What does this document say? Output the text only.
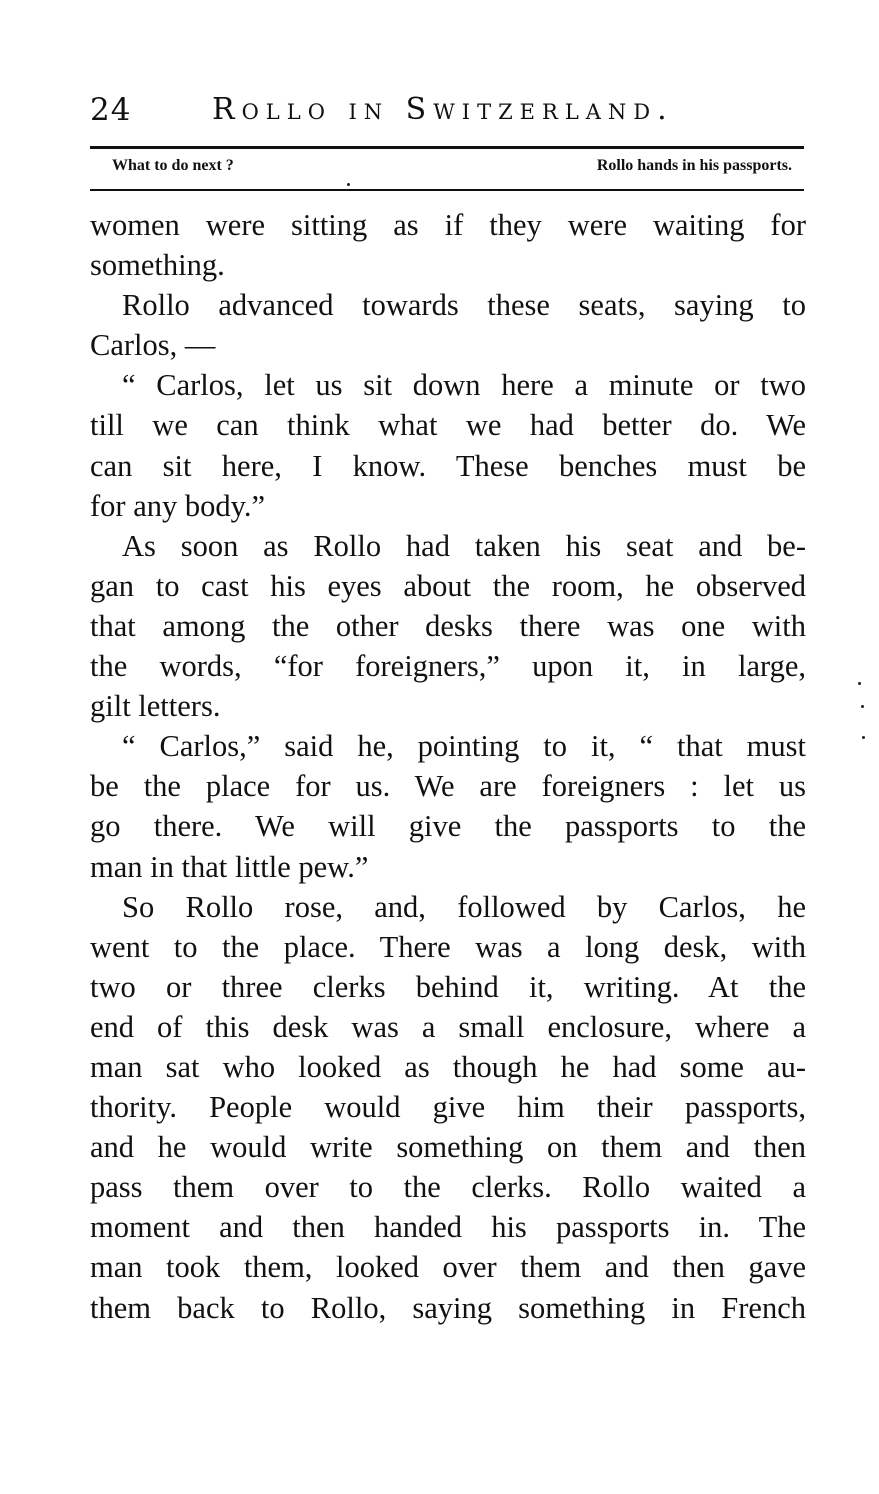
24	Rollo in Switzerland.
What to do next ?	Rollo hands in his passports.
women were sitting as if they were waiting for
something.
Rollo advanced towards these seats, saying to
Carlos, —
“ Carlos, let us sit down here a minute or two
till we can think what we had better do. We
can sit here, I know. These benches must be
for any body.”
As soon as Rollo had taken his seat and be-
gan to cast his eyes about the room, he observed
that among the other desks there was one with
the words, “for foreigners,” upon it, in large,
gilt letters.
“ Carlos,” said he, pointing to it, “ that must
be the place for us. We are foreigners : let us
go there. We will give the passports to the
man in that little pew.”
So Rollo rose, and, followed by Carlos, he
went to the place. There was a long desk, with
two or three clerks behind it, writing. At the
end of this desk was a small enclosure, where a
man sat who looked as though he had some au-
thority. People would give him their passports,
and he would write something on them and then
pass them over to the clerks. Rollo waited a
moment and then handed his passports in. The
man took them, looked over them and then gave
them back to Rollo, saying something in French
